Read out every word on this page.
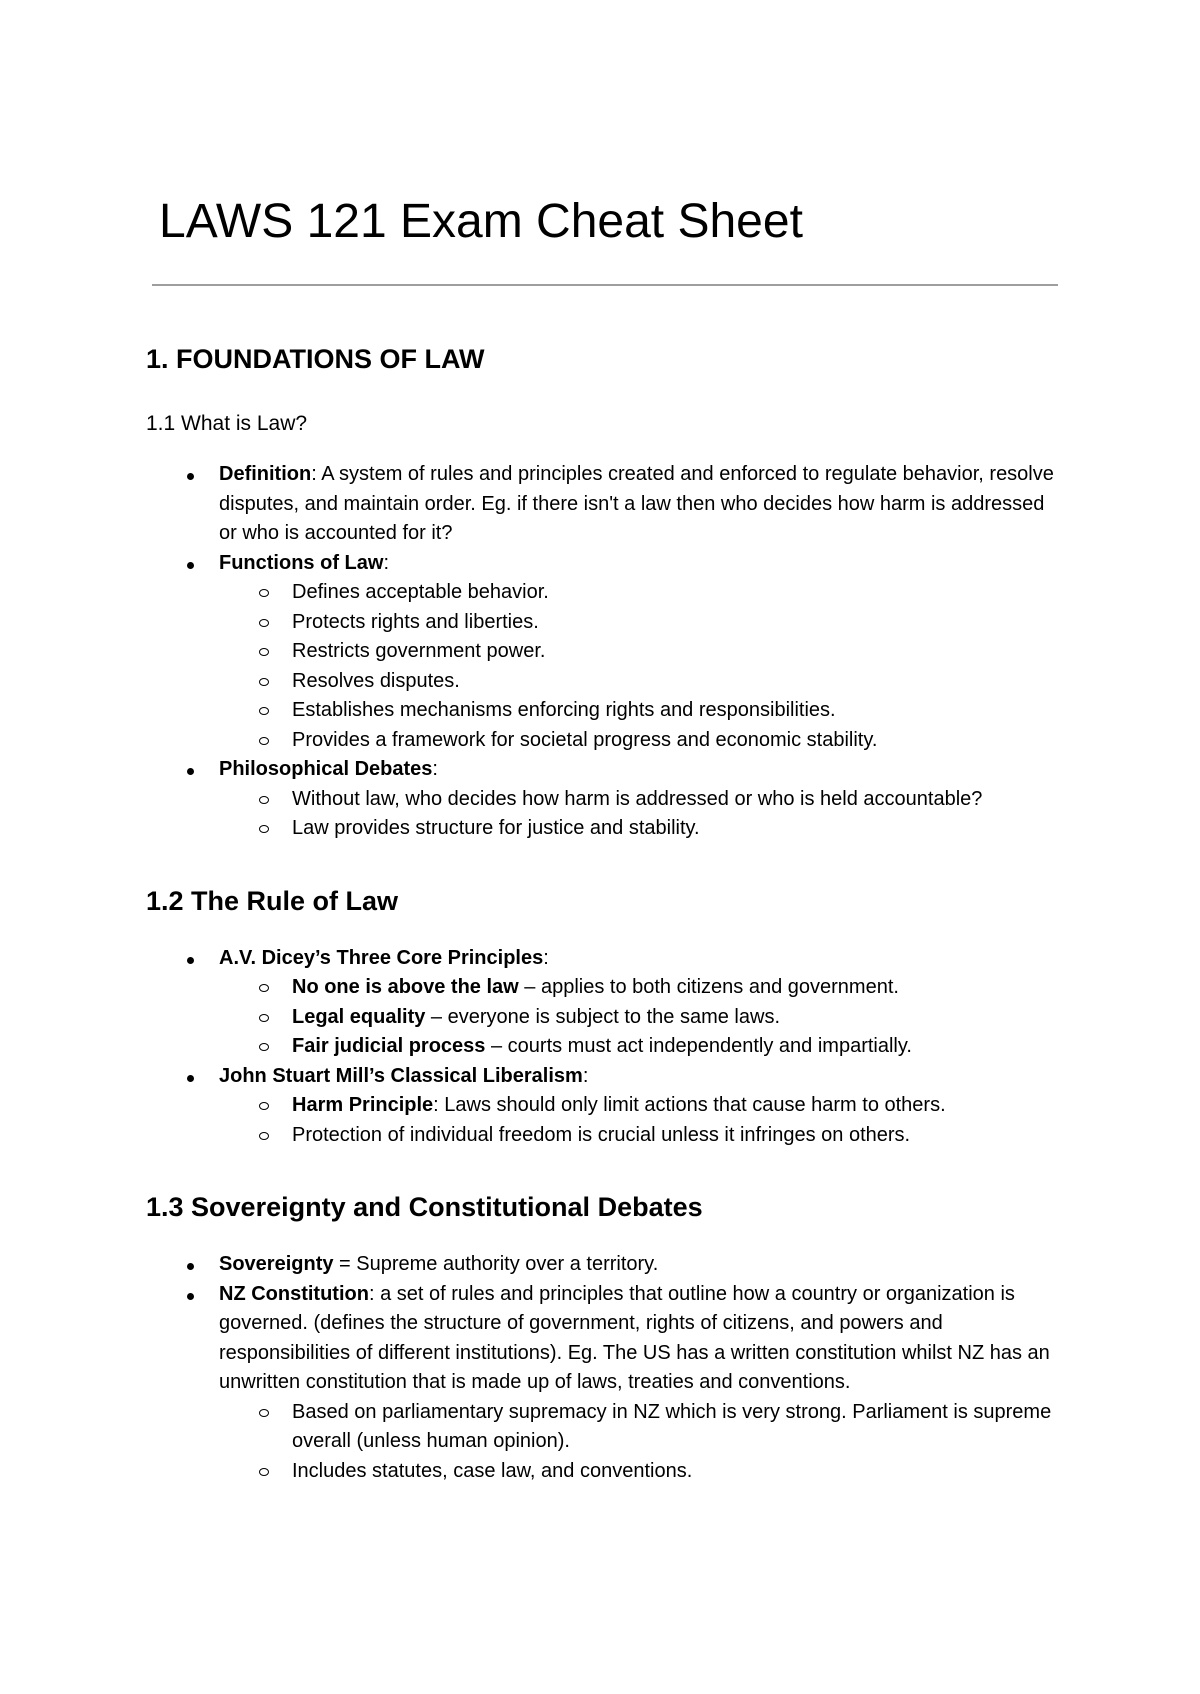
LAWS 121 Exam Cheat Sheet
1. FOUNDATIONS OF LAW
1.1 What is Law?
Definition: A system of rules and principles created and enforced to regulate behavior, resolve disputes, and maintain order. Eg. if there isn't a law then who decides how harm is addressed or who is accounted for it?
Functions of Law:
Defines acceptable behavior.
Protects rights and liberties.
Restricts government power.
Resolves disputes.
Establishes mechanisms enforcing rights and responsibilities.
Provides a framework for societal progress and economic stability.
Philosophical Debates:
Without law, who decides how harm is addressed or who is held accountable?
Law provides structure for justice and stability.
1.2 The Rule of Law
A.V. Dicey’s Three Core Principles:
No one is above the law – applies to both citizens and government.
Legal equality – everyone is subject to the same laws.
Fair judicial process – courts must act independently and impartially.
John Stuart Mill’s Classical Liberalism:
Harm Principle: Laws should only limit actions that cause harm to others.
Protection of individual freedom is crucial unless it infringes on others.
1.3 Sovereignty and Constitutional Debates
Sovereignty = Supreme authority over a territory.
NZ Constitution: a set of rules and principles that outline how a country or organization is governed. (defines the structure of government, rights of citizens, and powers and responsibilities of different institutions). Eg. The US has a written constitution whilst NZ has an unwritten constitution that is made up of laws, treaties and conventions.
Based on parliamentary supremacy in NZ which is very strong. Parliament is supreme overall (unless human opinion).
Includes statutes, case law, and conventions.
